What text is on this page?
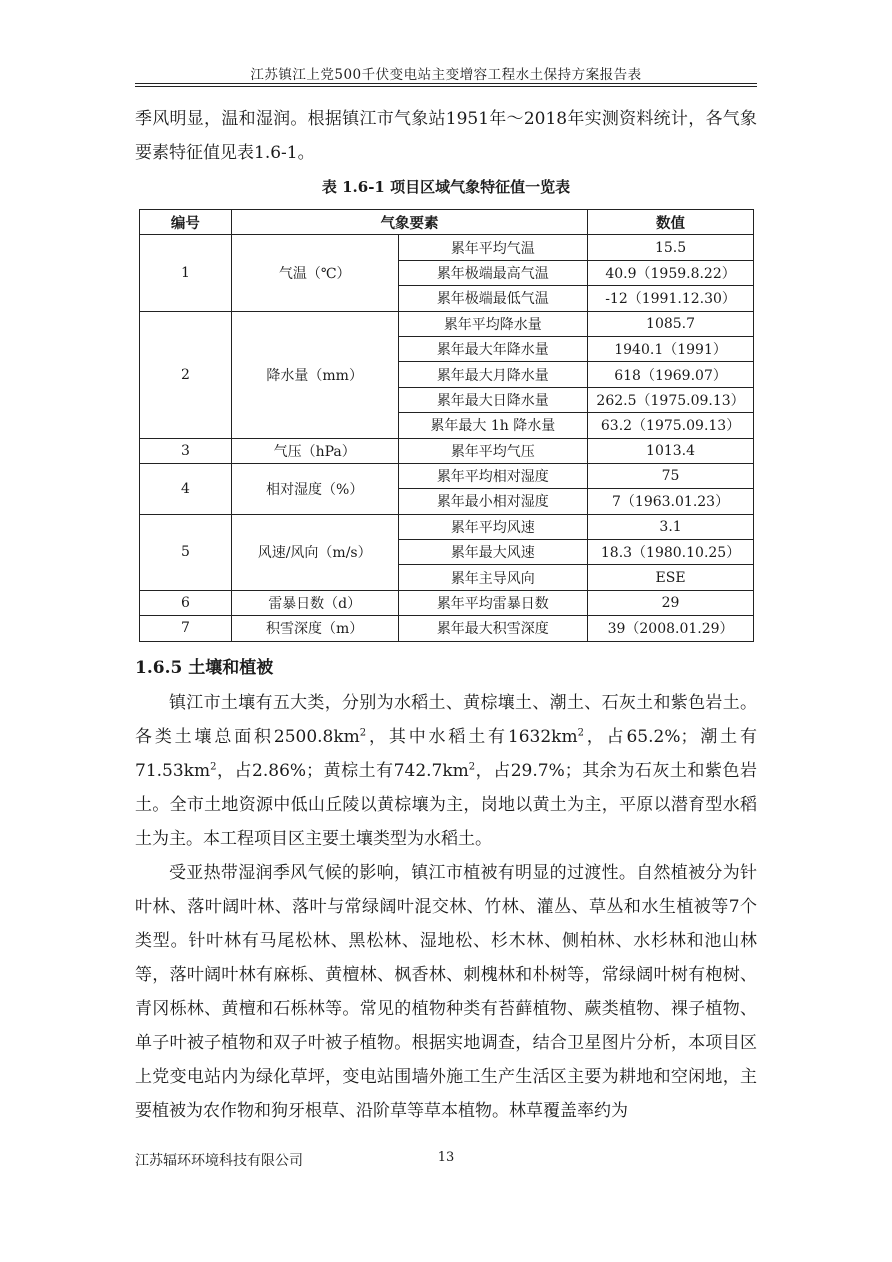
江苏镇江上党500千伏变电站主变增容工程水土保持方案报告表

季风明显，温和湿润。根据镇江市气象站1951年～2018年实测资料统计，各气象要素特征值见表1.6-1。

表 1.6-1 项目区域气象特征值一览表
编号	气象要素		数值
1	气温（℃）	累年平均气温	15.5
		累年极端最高气温	40.9（1959.8.22）
		累年极端最低气温	-12（1991.12.30）
2	降水量（mm）	累年平均降水量	1085.7
		累年最大年降水量	1940.1（1991）
		累年最大月降水量	618（1969.07）
		累年最大日降水量	262.5（1975.09.13）
		累年最大 1h 降水量	63.2（1975.09.13）
3	气压（hPa）	累年平均气压	1013.4
4	相对湿度（%）	累年平均相对湿度	75
		累年最小相对湿度	7（1963.01.23）
5	风速/风向（m/s）	累年平均风速	3.1
		累年最大风速	18.3（1980.10.25）
		累年主导风向	ESE
6	雷暴日数（d）	累年平均雷暴日数	29
7	积雪深度（m）	累年最大积雪深度	39（2008.01.29）
1.6.5 土壤和植被

镇江市土壤有五大类，分别为水稻土、黄棕壤土、潮土、石灰土和紫色岩土。各类土壤总面积$2500.8km^2$，其中水稻土有$1632km^2$，占65.2%；潮土有$71.53km^2$，占2.86%；黄棕土有$742.7km^2$，占29.7%；其余为石灰土和紫色岩土。全市土地资源中低山丘陵以黄棕壤为主，岗地以黄土为主，平原以潜育型水稻土为主。本工程项目区主要土壤类型为水稻土。

受亚热带湿润季风气候的影响，镇江市植被有明显的过渡性。自然植被分为针叶林、落叶阔叶林、落叶与常绿阔叶混交林、竹林、灌丛、草丛和水生植被等7个类型。针叶林有马尾松林、黑松林、湿地松、杉木林、侧柏林、水杉林和池山林等，落叶阔叶林有麻栎、黄檀林、枫香林、刺槐林和朴树等，常绿阔叶树有枹树、青冈栎林、黄檀和石栎林等。常见的植物种类有苔藓植物、蕨类植物、裸子植物、单子叶被子植物和双子叶被子植物。根据实地调查，结合卫星图片分析，本项目区上党变电站内为绿化草坪，变电站围墙外施工生产生活区主要为耕地和空闲地，主要植被为农作物和狗牙根草、沿阶草等草本植物。林草覆盖率约为

江苏辐环环境科技有限公司	13
